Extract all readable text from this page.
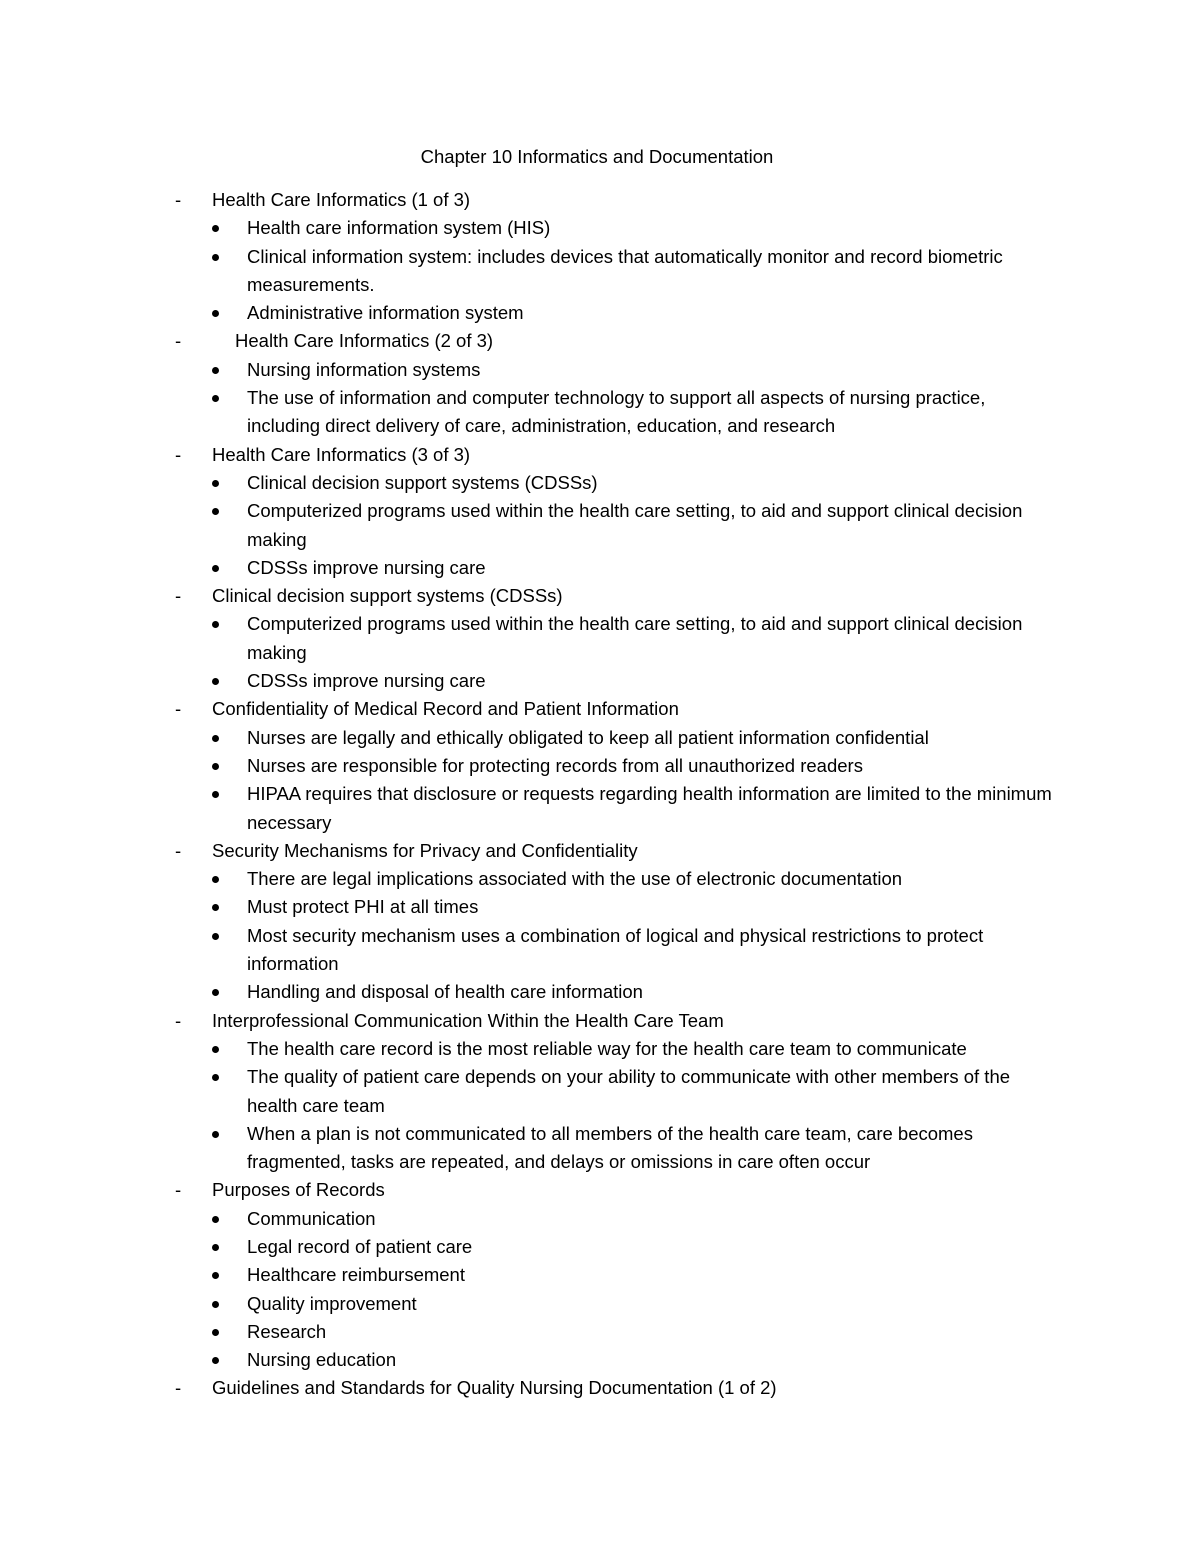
Chapter 10 Informatics and Documentation
- Health Care Informatics (1 of 3)
Health care information system (HIS)
Clinical information system: includes devices that automatically monitor and record biometric measurements.
Administrative information system
-	Health Care Informatics (2 of 3)
Nursing information systems
The use of information and computer technology to support all aspects of nursing practice, including direct delivery of care, administration, education, and research
- Health Care Informatics (3 of 3)
Clinical decision support systems (CDSSs)
Computerized programs used within the health care setting, to aid and support clinical decision making
CDSSs improve nursing care
- Clinical decision support systems (CDSSs)
Computerized programs used within the health care setting, to aid and support clinical decision making
CDSSs improve nursing care
- Confidentiality of Medical Record and Patient Information
Nurses are legally and ethically obligated to keep all patient information confidential
Nurses are responsible for protecting records from all unauthorized readers
HIPAA requires that disclosure or requests regarding health information are limited to the minimum necessary
- Security Mechanisms for Privacy and Confidentiality
There are legal implications associated with the use of electronic documentation
Must protect PHI at all times
Most security mechanism uses a combination of logical and physical restrictions to protect information
Handling and disposal of health care information
- Interprofessional Communication Within the Health Care Team
The health care record is the most reliable way for the health care team to communicate
The quality of patient care depends on your ability to communicate with other members of the health care team
When a plan is not communicated to all members of the health care team, care becomes fragmented, tasks are repeated, and delays or omissions in care often occur
- Purposes of Records
Communication
Legal record of patient care
Healthcare reimbursement
Quality improvement
Research
Nursing education
- Guidelines and Standards for Quality Nursing Documentation (1 of 2)
